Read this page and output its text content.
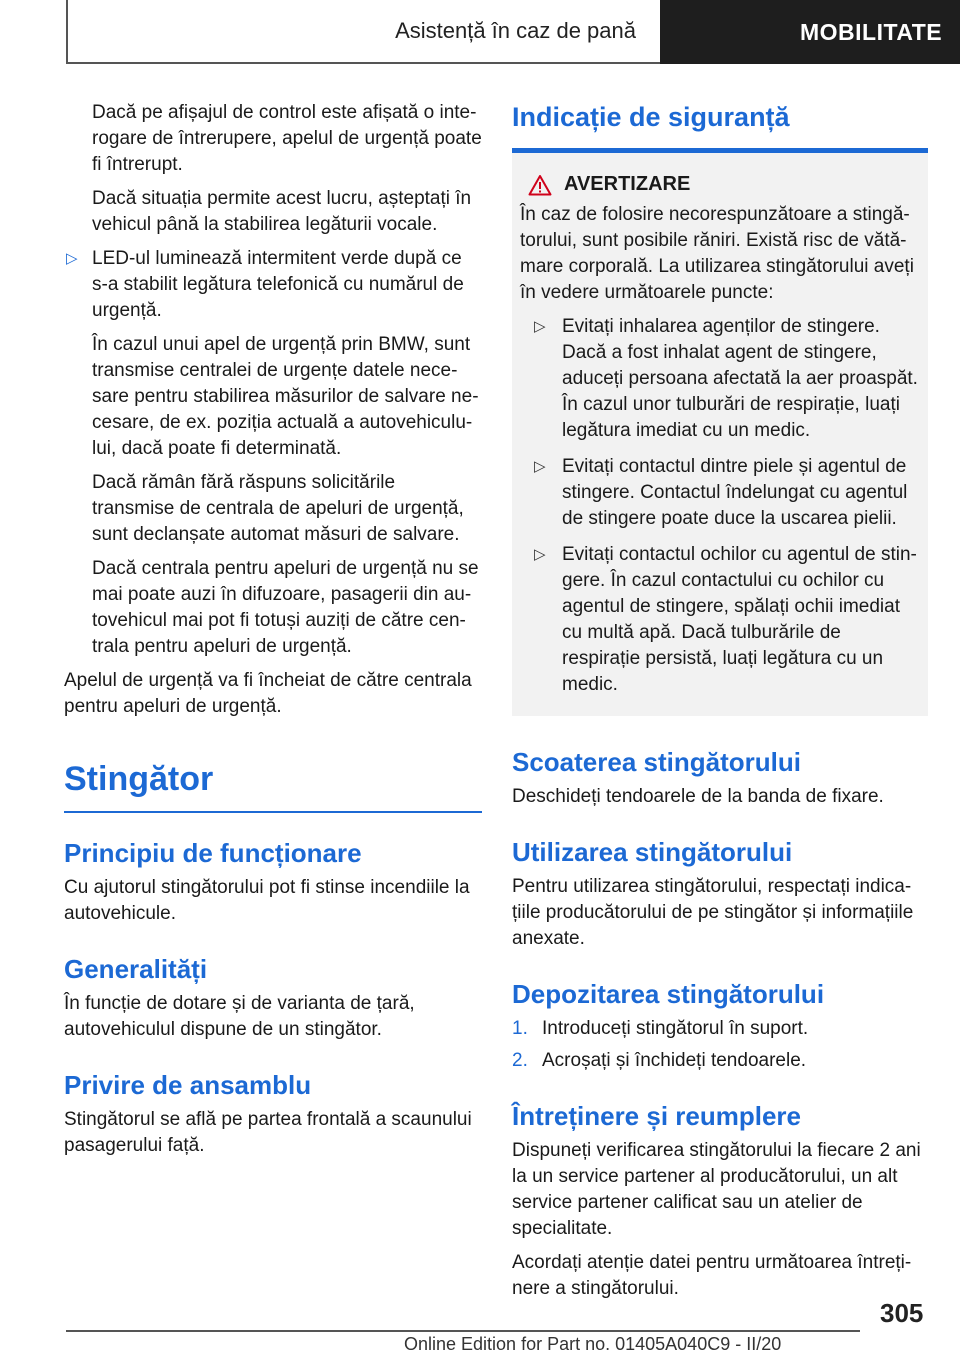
Asistență în caz de pană	MOBILITATE

Dacă pe afișajul de control este afișată o interogare de întrerupere, apelul de urgență poate fi întrerupt.

Dacă situația permite acest lucru, așteptați în vehicul până la stabilirea legăturii vocale.

▷ LED-ul luminează intermitent verde după ce s-a stabilit legătura telefonică cu numărul de urgență.

În cazul unui apel de urgență prin BMW, sunt transmise centralei de urgențe datele necesare pentru stabilirea măsurilor de salvare necesare, de ex. poziția actuală a autovehiculului, dacă poate fi determinată.

Dacă rămân fără răspuns solicitările transmise de centrala de apeluri de urgență, sunt declanșate automat măsuri de salvare.

Dacă centrala pentru apeluri de urgență nu se mai poate auzi în difuzoare, pasagerii din autovehicul mai pot fi totuși auziți de către centrala pentru apeluri de urgență.

Apelul de urgență va fi încheiat de către centrala pentru apeluri de urgență.

Stingător
Principiu de funcționare

Cu ajutorul stingătorului pot fi stinse incendiile la autovehicule.

Generalități

În funcție de dotare și de varianta de țară, autovehiculul dispune de un stingător.

Privire de ansamblu

Stingătorul se află pe partea frontală a scaunului pasagerului față.

Indicație de siguranță
AVERTIZARE

În caz de folosire necorespunzătoare a stingătorului, sunt posibile răniri. Există risc de vătămare corporală. La utilizarea stingătorului aveți în vedere următoarele puncte:

▷ Evitați inhalarea agenților de stingere. Dacă a fost inhalat agent de stingere, aduceți persoana afectată la aer proaspăt. În cazul unor tulburări de respirație, luați legătura imediat cu un medic.
▷ Evitați contactul dintre piele și agentul de stingere. Contactul îndelungat cu agentul de stingere poate duce la uscarea pielii.
▷ Evitați contactul ochilor cu agentul de stingere. În cazul contactului cu ochilor cu agentul de stingere, spălați ochii imediat cu multă apă. Dacă tulburările de respirație persistă, luați legătura cu un medic.
Scoaterea stingătorului

Deschideți tendoarele de la banda de fixare.

Utilizarea stingătorului

Pentru utilizarea stingătorului, respectați indicațiile producătorului de pe stingător și informațiile anexate.

Depozitarea stingătorului
1. Introduceți stingătorul în suport.
2. Acroșați și închideți tendoarele.
Întreținere și reumplere

Dispuneți verificarea stingătorului la fiecare 2 ani la un service partener al producătorului, un alt service partener calificat sau un atelier de specialitate.

Acordați atenție datei pentru următoarea întreținere a stingătorului.

305
Online Edition for Part no. 01405A040C9 - II/20
